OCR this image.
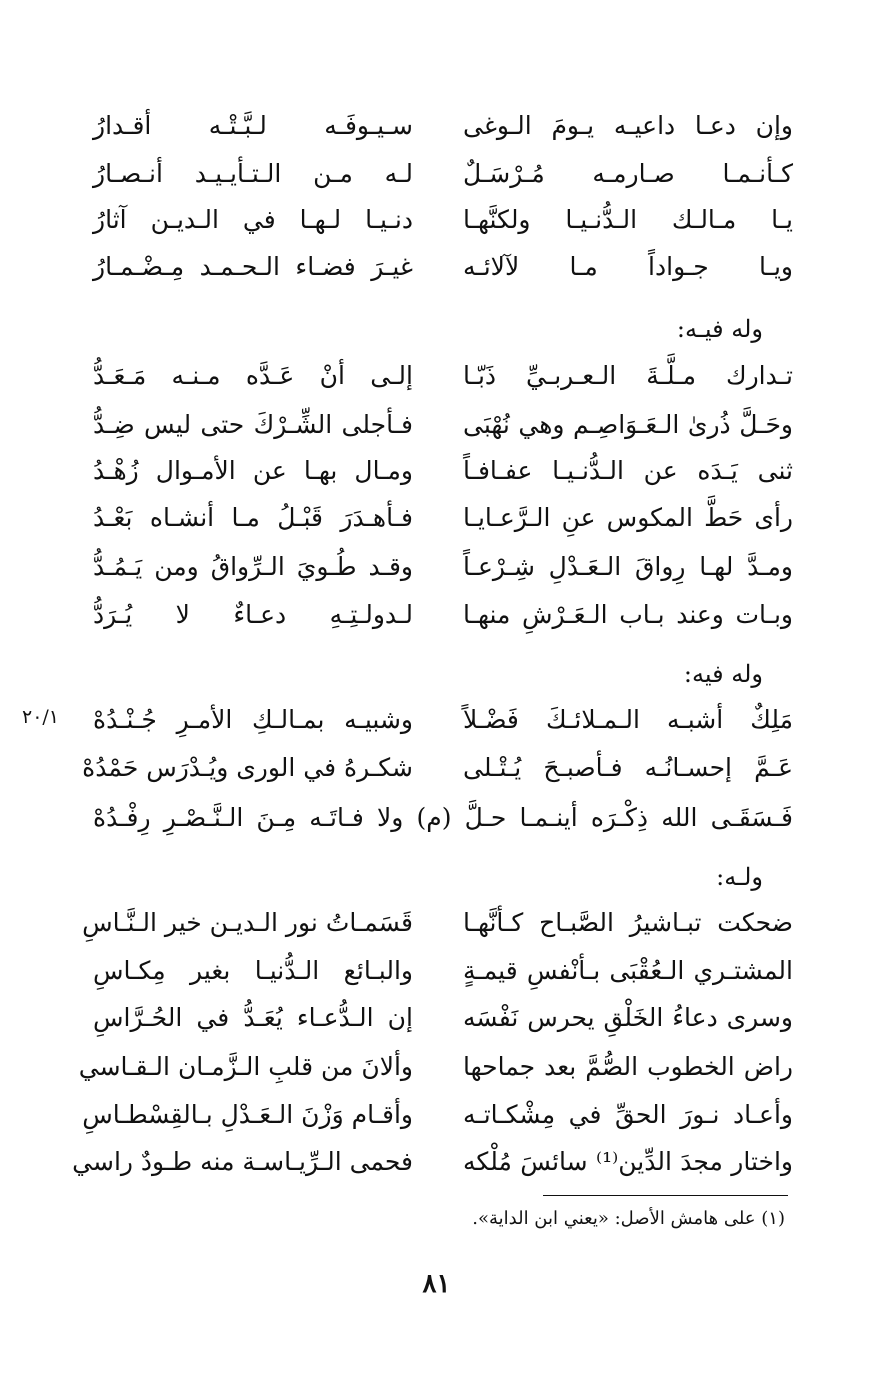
وإن دعـا داعيـه يـومَ الـوغى
سـيـوفَـه لـبَّـتْـه أقـدارُ
كـأنـمـا صـارمـه مُـرْسَـلٌ
لـه مـن الـتـأيـيـد أنـصـارُ
يـا مـالـك الـدُّنـيـا ولكنَّهـا
دنـيـا لـهـا في الـديـن آثارُ
ويـا جـواداً مـا لآلائـه
غيـرَ فضـاء الـحـمـد مِـضْـمـارُ
وله فيـه:
تـدارك مـلَّـةَ الـعـربـيِّ ذَبّـا
إلـى أنْ عَـدَّه مـنـه مَـعَـدُّ
وحَـلَّ ذُرىٰ الـعَـوَاصِـم وهي نُهْبَى
فـأجلى الشِّـرْكَ حتى ليس ضِـدُّ
ثنى يَـدَه عن الـدُّنـيـا عفـافـاً
ومـال بهـا عن الأمـوال زُهْـدُ
رأى حَطَّ المكوس عنِ الـرَّعـايـا
فـأهـدَرَ قَبْـلُ مـا أنشـاه بَعْـدُ
ومـدَّ لهـا رِواقَ الـعَـدْلِ شِـرْعـاً
وقـد طُـويَ الـرِّواقُ ومن يَـمُـدُّ
وبـات وعند بـاب الـعَـرْشِ منهـا
لـدولـتِـهِ دعـاءٌ لا يُـرَدُّ
وله فيه:
٢٠/١	مَلِكٌ أشبـه الـمـلائـكَ فَضْـلاً
وشبيـه بمـالـكِ الأمـرِ جُـنْـدُهْ
عَـمَّ إحسـانُـه فـأصبـحَ يُـتْـلى
شكـرهُ في الورى ويُـدْرَس حَمْدُهْ
فَـسَقَـى الله ذِكْـرَه أينـمـا حـلَّ (م) ولا فـاتَـه مِـنَ الـنَّـصْـرِ رِفْـدُهْ
ولـه:
ضحكت تبـاشيرُ الصَّبـاح كـأنَّهـا
قَسَمـاتُ نور الـديـن خير الـنَّـاسِ
المشتـري الـعُقْبَى بـأنْفسِ قيمـةٍ
والبـائع الـدُّنيـا بغير مِكـاسِ
وسرى دعاءُ الخَلْقِ يحرس نَفْسَه
إن الـدُّعـاء يُعَـدُّ في الحُـرَّاسِ
راض الخطوب الصُّمَّ بعد جماحها
وألانَ من قلبِ الـزَّمـان الـقـاسي
وأعـاد نـورَ الحقِّ في مِشْكـاتـه
وأقـام وَزْنَ الـعَـدْلِ بـالقِسْطـاسِ
واختار مجدَ الدِّين⁽¹⁾ سائسَ مُلْكه
فحمى الـرِّيـاسـة منه طـودٌ راسي
(١) على هامش الأصل: «يعني ابن الداية».
٨١
